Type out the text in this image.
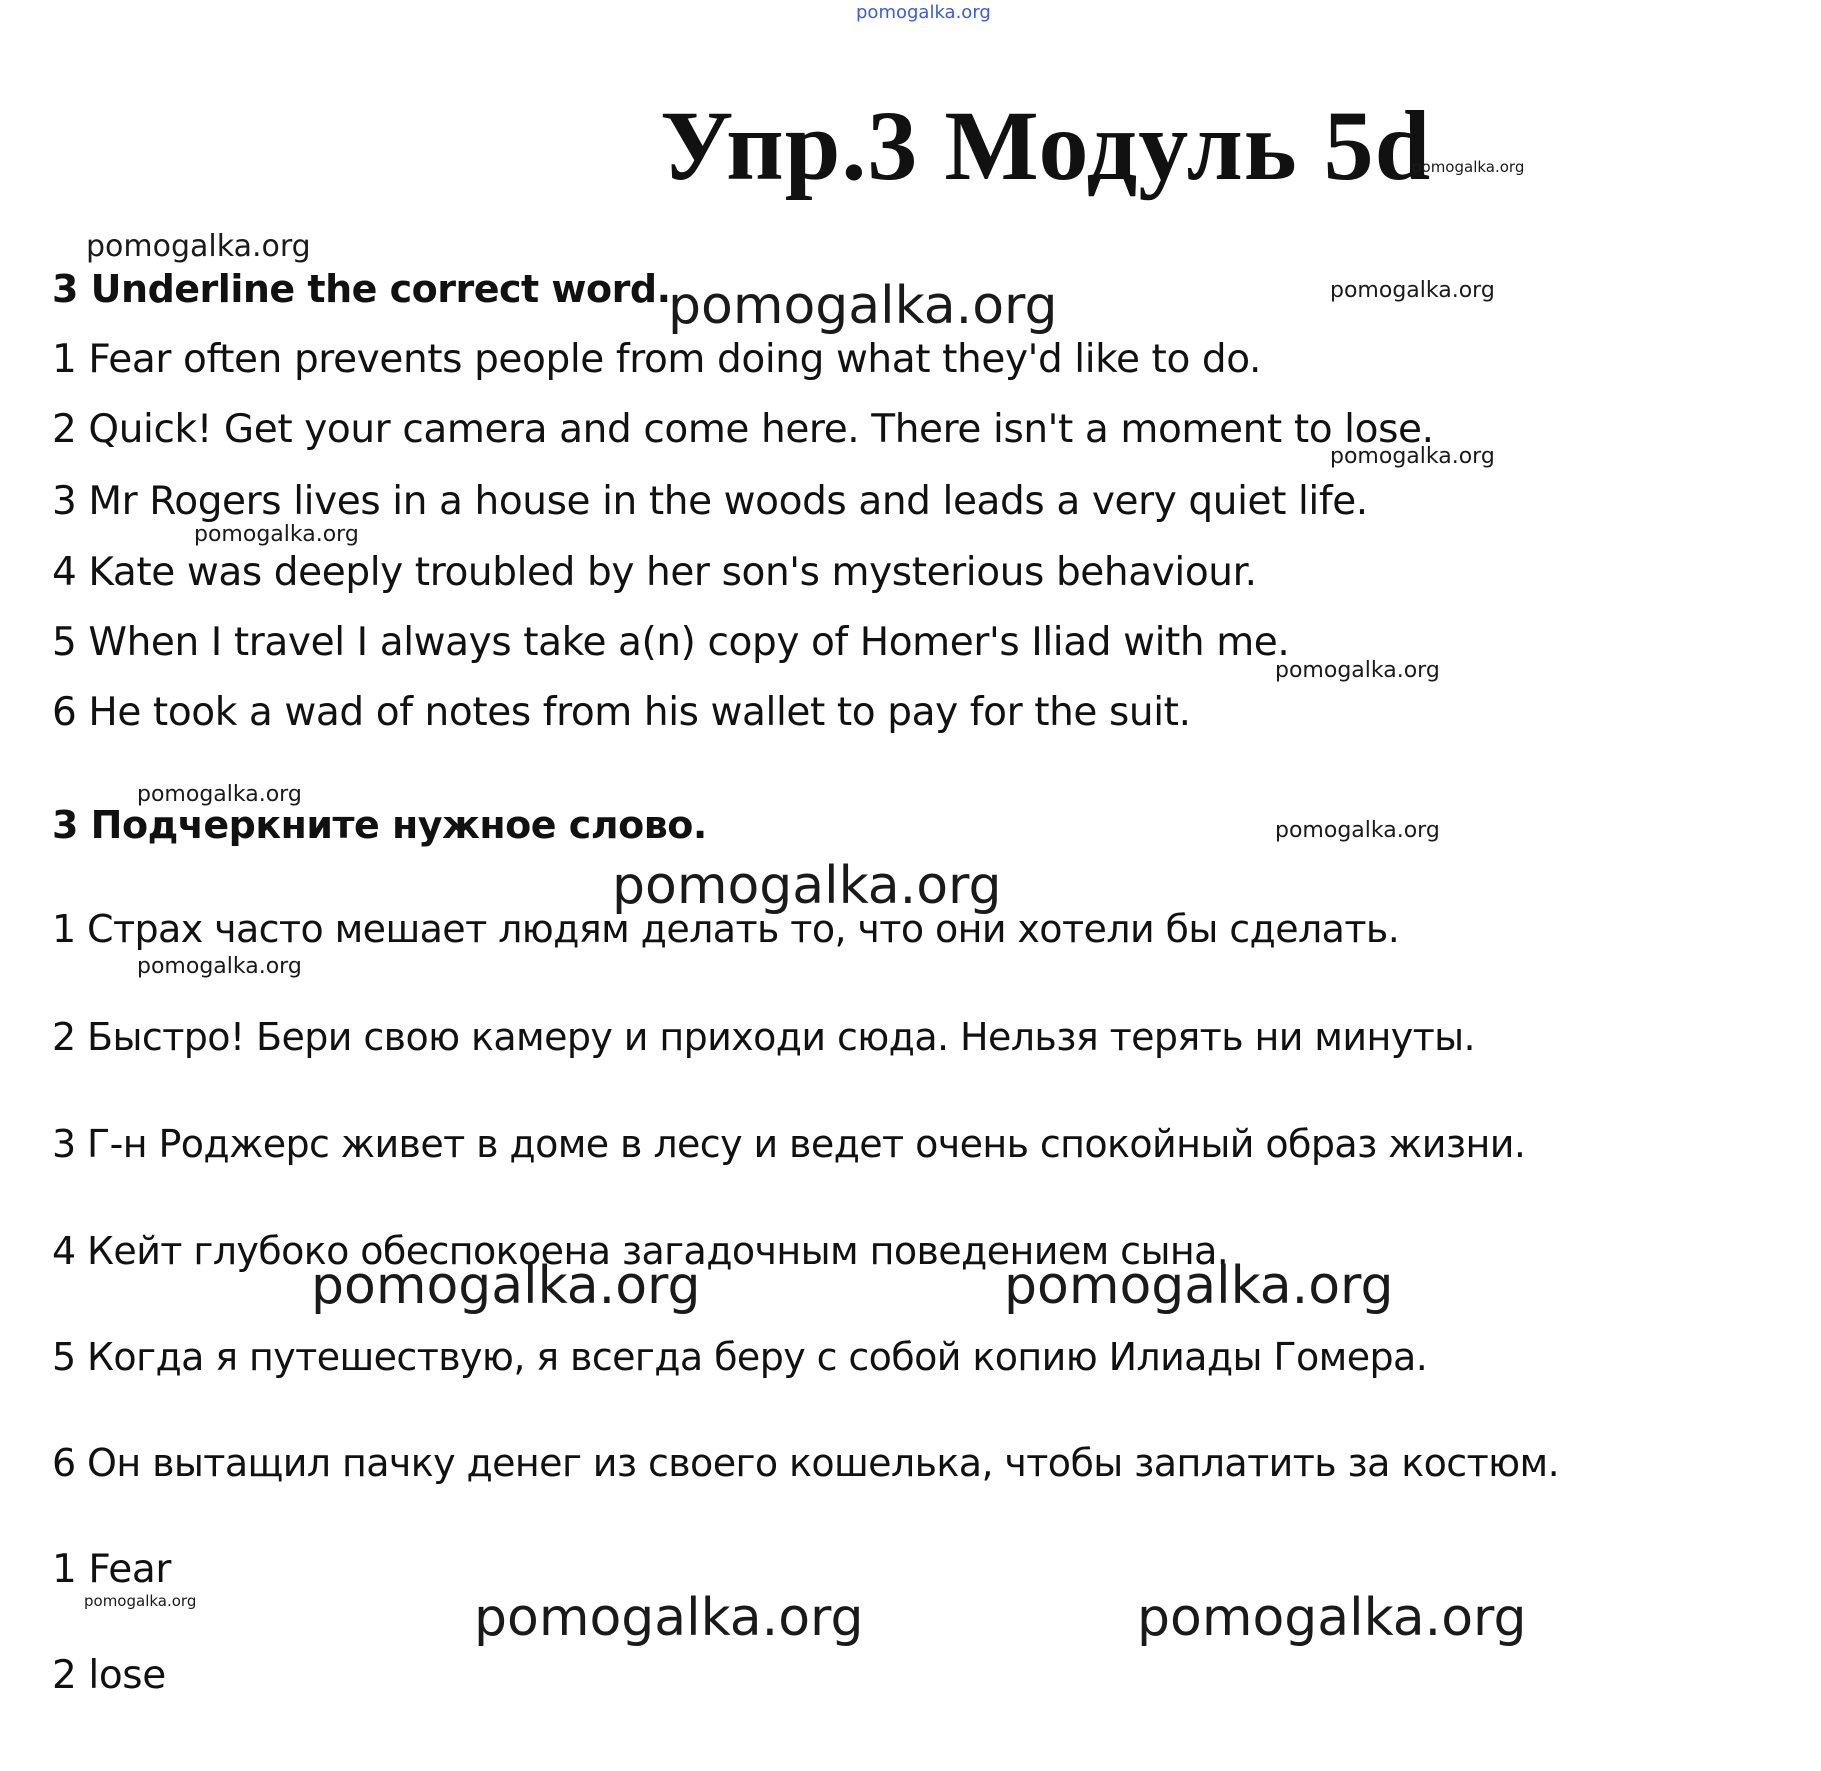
pomogalka.org
Упр.3 Модуль 5d
3 Underline the correct word.
1 Fear often prevents people from doing what they'd like to do.
2 Quick! Get your camera and come here. There isn't a moment to lose.
3 Mr Rogers lives in a house in the woods and leads a very quiet life.
4 Kate was deeply troubled by her son's mysterious behaviour.
5 When I travel I always take a(n) copy of Homer's Iliad with me.
6 He took a wad of notes from his wallet to pay for the suit.
3 Подчеркните нужное слово.
1 Страх часто мешает людям делать то, что они хотели бы сделать.
2 Быстро! Бери свою камеру и приходи сюда. Нельзя терять ни минуты.
3 Г-н Роджерс живет в доме в лесу и ведет очень спокойный образ жизни.
4 Кейт глубоко обеспокоена загадочным поведением сына.
5 Когда я путешествую, я всегда беру с собой копию Илиады Гомера.
6 Он вытащил пачку денег из своего кошелька, чтобы заплатить за костюм.
1 Fear
2 lose
pomogalka.org
pomogalka.org
pomogalka.org	pomogalka.org
pomogalka.org
pomogalka.org
pomogalka.org
pomogalka.org
pomogalka.org
pomogalka.org
pomogalka.org
pomogalka.org	pomogalka.org
pomogalka.org	pomogalka.org	pomogalka.org
